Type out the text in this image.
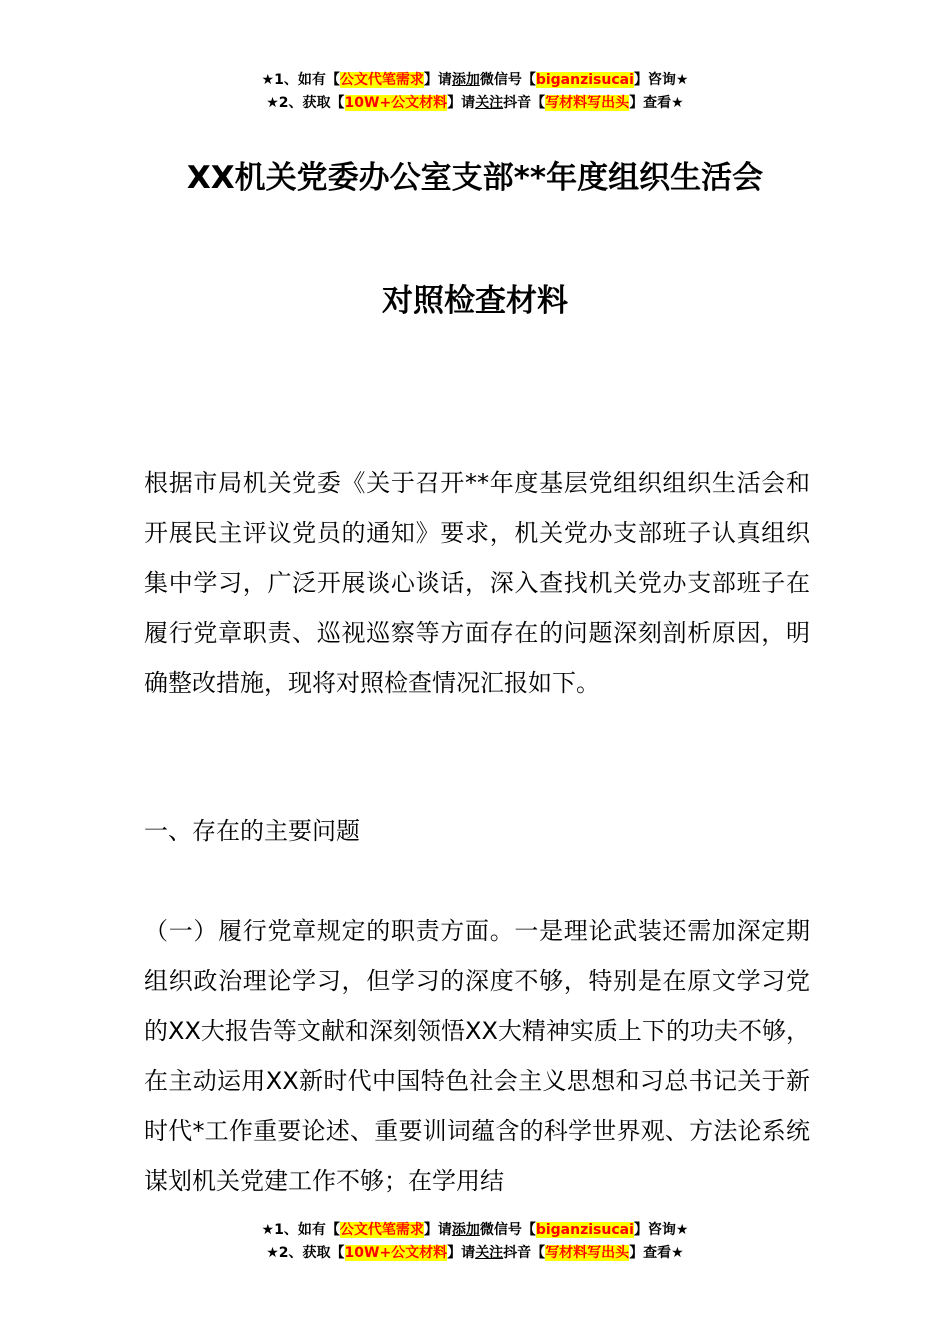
★1、如有【公文代笔需求】请添加微信号【biganzisucai】咨询★
★2、获取【10W+公文材料】请关注抖音【写材料写出头】查看★
XX机关党委办公室支部**年度组织生活会
对照检查材料

根据市局机关党委《关于召开**年度基层党组织组织生活会和开展民主评议党员的通知》要求，机关党办支部班子认真组织集中学习，广泛开展谈心谈话，深入查找机关党办支部班子在履行党章职责、巡视巡察等方面存在的问题深刻剖析原因，明确整改措施，现将对照检查情况汇报如下。

一、存在的主要问题

（一）履行党章规定的职责方面。一是理论武装还需加深定期组织政治理论学习，但学习的深度不够，特别是在原文学习党的XX大报告等文献和深刻领悟XX大精神实质上下的功夫不够，在主动运用XX新时代中国特色社会主义思想和习总书记关于新时代*工作重要论述、重要训词蕴含的科学世界观、方法论系统谋划机关党建工作不够；在学用结

★1、如有【公文代笔需求】请添加微信号【biganzisucai】咨询★
★2、获取【10W+公文材料】请关注抖音【写材料写出头】查看★
